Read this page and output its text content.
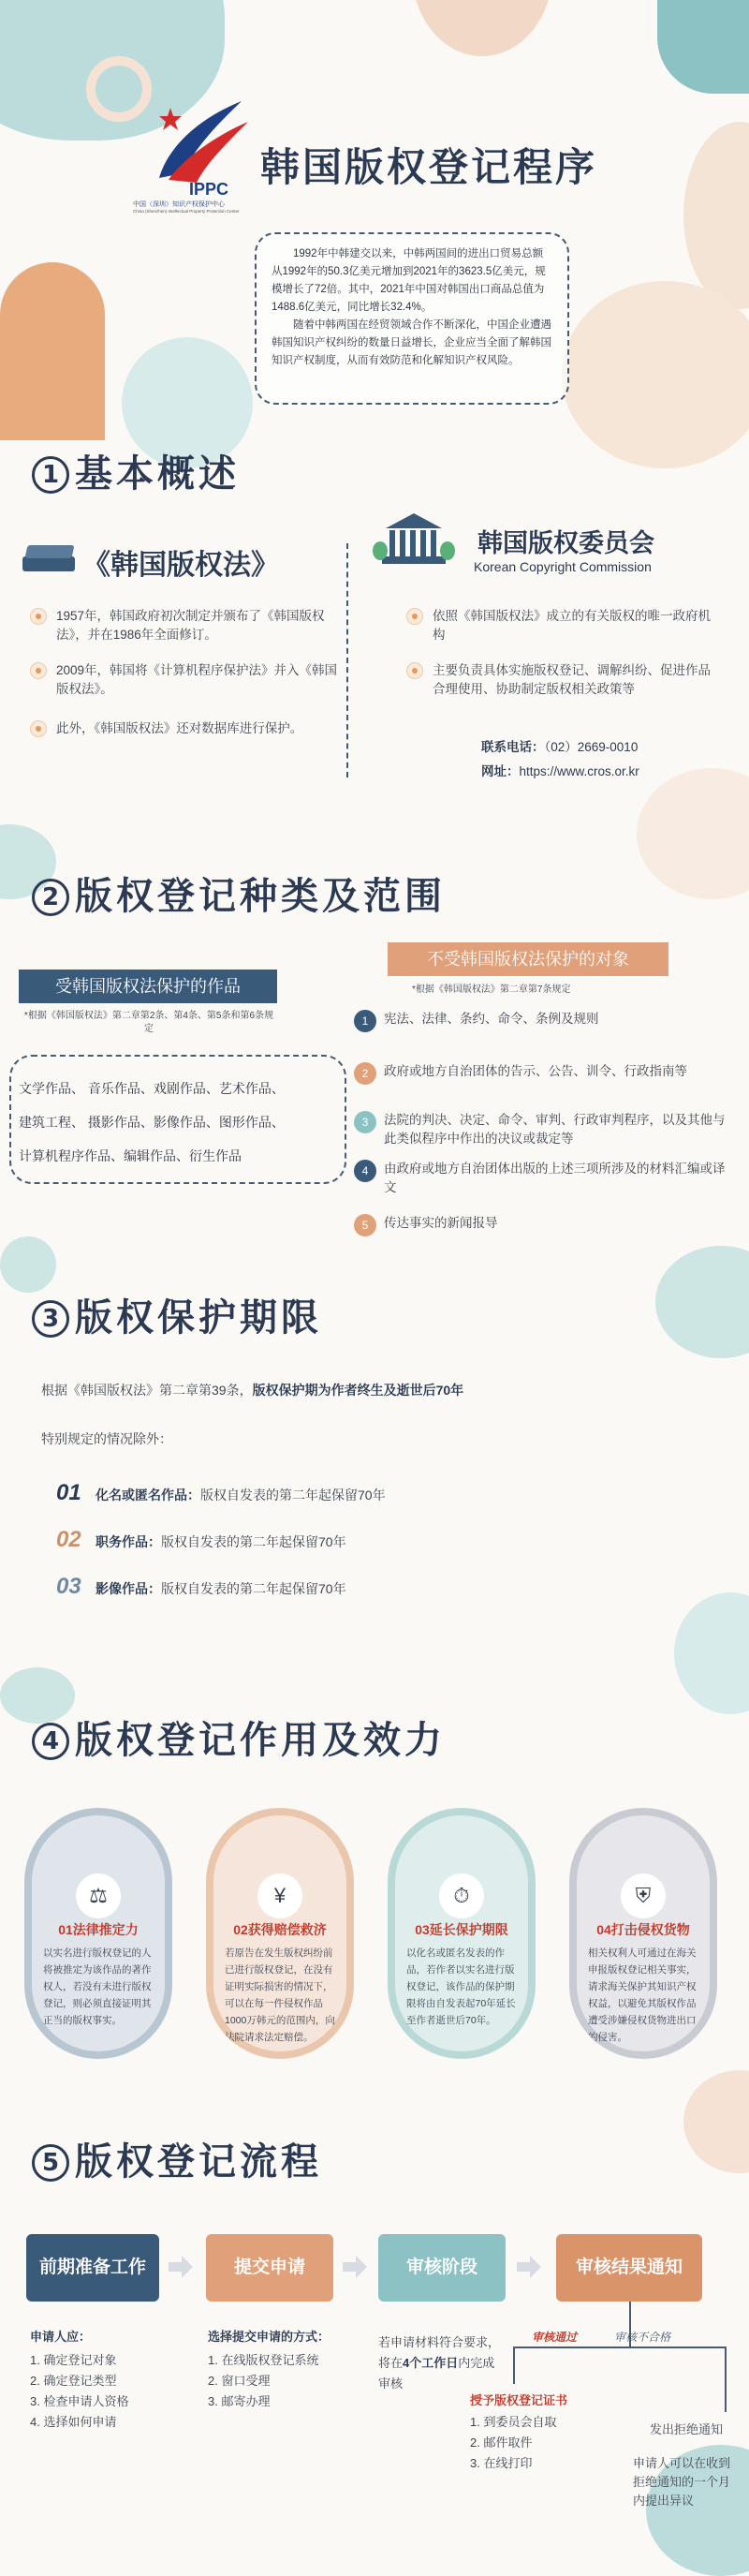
IPPC
中国（深圳）知识产权保护中心
China (Shenzhen) Intellectual Property Protection Center
韩国版权登记程序

1992年中韩建交以来，中韩两国间的进出口贸易总额从1992年的50.3亿美元增加到2021年的3623.5亿美元，规模增长了72倍。其中，2021年中国对韩国出口商品总值为1488.6亿美元，同比增长32.4%。

随着中韩两国在经贸领域合作不断深化，中国企业遭遇韩国知识产权纠纷的数量日益增长，企业应当全面了解韩国知识产权制度，从而有效防范和化解知识产权风险。

1 基本概述
《韩国版权法》
1957年，韩国政府初次制定并颁布了《韩国版权法》，并在1986年全面修订。
2009年，韩国将《计算机程序保护法》并入《韩国版权法》。
此外，《韩国版权法》还对数据库进行保护。
韩国版权委员会
Korean Copyright Commission
依照《韩国版权法》成立的有关版权的唯一政府机构
主要负责具体实施版权登记、调解纠纷、促进作品合理使用、协助制定版权相关政策等
联系电话：（02）2669-0010
网址：https://www.cros.or.kr
2 版权登记种类及范围
受韩国版权法保护的作品
*根据《韩国版权法》第二章第2条、第4条、第5条和第6条规定
文学作品、 音乐作品、戏剧作品、艺术作品、
建筑工程、 摄影作品、影像作品、图形作品、
计算机程序作品、编辑作品、衍生作品
不受韩国版权法保护的对象
*根据《韩国版权法》第二章第7条规定
1	宪法、法律、条约、命令、条例及规则
2	政府或地方自治团体的告示、公告、训令、行政指南等
3	法院的判决、决定、命令、审判、行政审判程序，以及其他与此类似程序中作出的决议或裁定等
4	由政府或地方自治团体出版的上述三项所涉及的材料汇编或译文
5	传达事实的新闻报导
3 版权保护期限
根据《韩国版权法》第二章第39条，版权保护期为作者终生及逝世后70年
特别规定的情况除外：
01 化名或匿名作品：版权自发表的第二年起保留70年
02 职务作品：版权自发表的第二年起保留70年
03 影像作品：版权自发表的第二年起保留70年
4 版权登记作用及效力
⚖
01法律推定力
以实名进行版权登记的人将被推定为该作品的著作权人，若没有未进行版权登记，则必须直接证明其正当的版权事实。
¥
02获得赔偿救济
若原告在发生版权纠纷前已进行版权登记，在没有证明实际损害的情况下，可以在每一件侵权作品1000万韩元的范围内，向法院请求法定赔偿。
⏱
03延长保护期限
以化名或匿名发表的作品，若作者以实名进行版权登记，该作品的保护期限将由自发表起70年延长至作者逝世后70年。
⛨
04打击侵权货物
相关权利人可通过在海关申报版权登记相关事实，请求海关保护其知识产权权益，以避免其版权作品遭受涉嫌侵权货物进出口的侵害。
5 版权登记流程
前期准备工作	提交申请	审核阶段	审核结果通知
申请人应：
1. 确定登记对象
2. 确定登记类型
3. 检查申请人资格
4. 选择如何申请
选择提交申请的方式：
1. 在线版权登记系统
2. 窗口受理
3. 邮寄办理
若申请材料符合要求，将在4个工作日内完成审核
审核通过	审核不合格
授予版权登记证书
1. 到委员会自取
2. 邮件取件
3. 在线打印
发出拒绝通知
申请人可以在收到拒绝通知的一个月内提出异议
